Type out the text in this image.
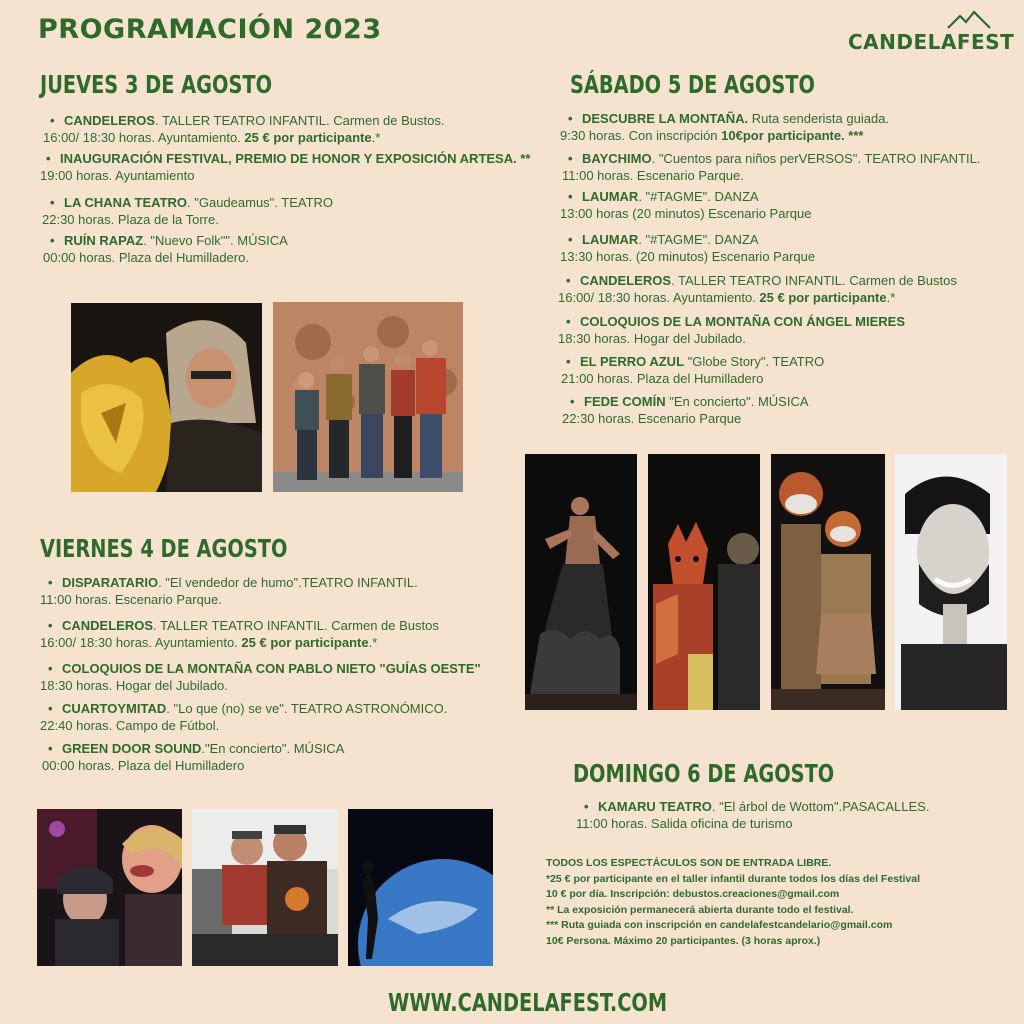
PROGRAMACIÓN 2023	CANDELAFEST
JUEVES 3 DE AGOSTO
• CANDELEROS. TALLER TEATRO INFANTIL. Carmen de Bustos.
16:00/ 18:30 horas. Ayuntamiento. 25 € por participante.*
• INAUGURACIÓN FESTIVAL, PREMIO DE HONOR Y EXPOSICIÓN ARTESA. **
19:00 horas. Ayuntamiento
• LA CHANA TEATRO. "Gaudeamus". TEATRO
22:30 horas. Plaza de la Torre.
• RUÍN RAPAZ. "Nuevo Folk"". MÚSICA
00:00 horas. Plaza del Humilladero.
VIERNES 4 DE AGOSTO
• DISPARATARIO. "El vendedor de humo".TEATRO INFANTIL.
11:00 horas. Escenario Parque.
• CANDELEROS. TALLER TEATRO INFANTIL. Carmen de Bustos
16:00/ 18:30 horas. Ayuntamiento. 25 € por participante.*
• COLOQUIOS DE LA MONTAÑA CON PABLO NIETO "GUÍAS OESTE"
18:30 horas. Hogar del Jubilado.
• CUARTOYMITAD. "Lo que (no) se ve". TEATRO ASTRONÓMICO.
22:40 horas. Campo de Fútbol.
• GREEN DOOR SOUND."En concierto". MÚSICA
00:00 horas. Plaza del Humilladero
SÁBADO 5 DE AGOSTO
• DESCUBRE LA MONTAÑA. Ruta senderista guiada.
9:30 horas. Con inscripción 10€por participante. ***
• BAYCHIMO. "Cuentos para niños perVERSOS". TEATRO INFANTIL.
11:00 horas. Escenario Parque.
• LAUMAR. "#TAGME". DANZA
13:00 horas (20 minutos) Escenario Parque
• LAUMAR. "#TAGME". DANZA
13:30 horas. (20 minutos) Escenario Parque
• CANDELEROS. TALLER TEATRO INFANTIL. Carmen de Bustos
16:00/ 18:30 horas. Ayuntamiento. 25 € por participante.*
• COLOQUIOS DE LA MONTAÑA CON ÁNGEL MIERES
18:30 horas. Hogar del Jubilado.
• EL PERRO AZUL "Globe Story". TEATRO
21:00 horas. Plaza del Humilladero
• FEDE COMÍN "En concierto". MÚSICA
22:30 horas. Escenario Parque
DOMINGO 6 DE AGOSTO
• KAMARU TEATRO. "El árbol de Wottom".PASACALLES.
11:00 horas. Salida oficina de turismo
TODOS LOS ESPECTÁCULOS SON DE ENTRADA LIBRE.
*25 € por participante en el taller infantil durante todos los días del Festival
10 € por día. Inscripción: debustos.creaciones@gmail.com
** La exposición permanecerá abierta durante todo el festival.
*** Ruta guiada con inscripción en candelafestcandelario@gmail.com
10€ Persona. Máximo 20 participantes. (3 horas aprox.)
WWW.CANDELAFEST.COM
